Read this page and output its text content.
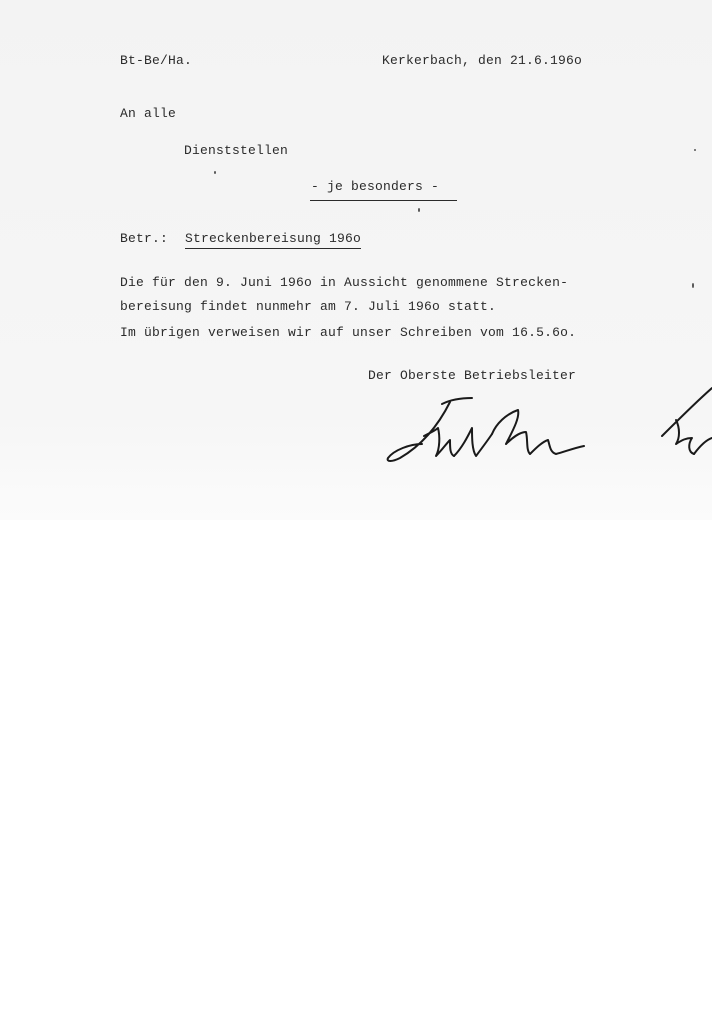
Bt-Be/Ha.	Kerkerbach, den 21.6.196o
An alle
Dienststellen
- je besonders -
Betr.: Streckenbereisung 196o
Die für den 9. Juni 196o in Aussicht genommene Strecken-
bereisung findet nunmehr am 7. Juli 196o statt.
Im übrigen verweisen wir auf unser Schreiben vom 16.5.6o.
Der Oberste Betriebsleiter
